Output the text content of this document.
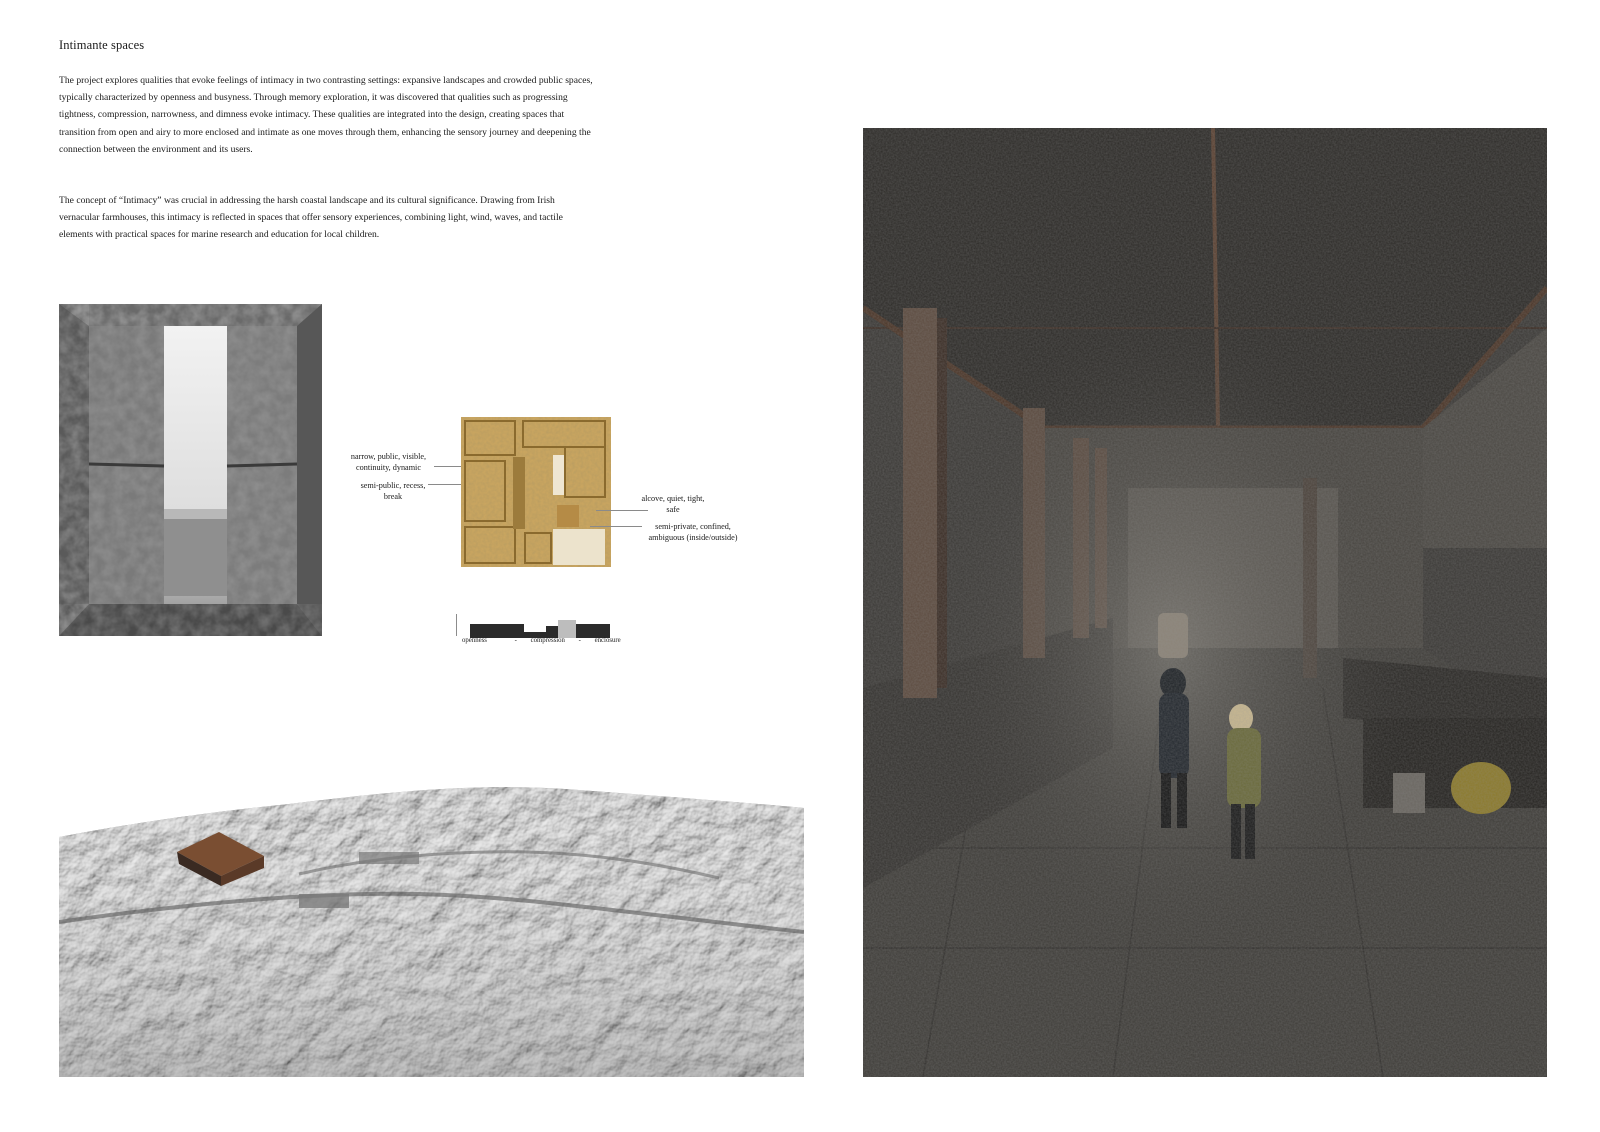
Intimante spaces

The project explores qualities that evoke feelings of intimacy in two contrasting settings: expansive landscapes and crowded public spaces, typically characterized by openness and busyness. Through memory exploration, it was discovered that qualities such as progressing tightness, compression, narrowness, and dimness evoke intimacy. These qualities are integrated into the design, creating spaces that transition from open and airy to more enclosed and intimate as one moves through them, enhancing the sensory journey and deepening the connection between the environment and its users.

The concept of “Intimacy” was crucial in addressing the harsh coastal landscape and its cultural significance. Drawing from Irish vernacular farmhouses, this intimacy is reflected in spaces that offer sensory experiences, combining light, wind, waves, and tactile elements with practical spaces for marine research and education for local children.

narrow, public, visible, continuity, dynamic
semi-public, recess, break	alcove, quiet, tight, safe
semi-private, confined, ambiguous (inside/outside)
openness	- compression - enclosure
